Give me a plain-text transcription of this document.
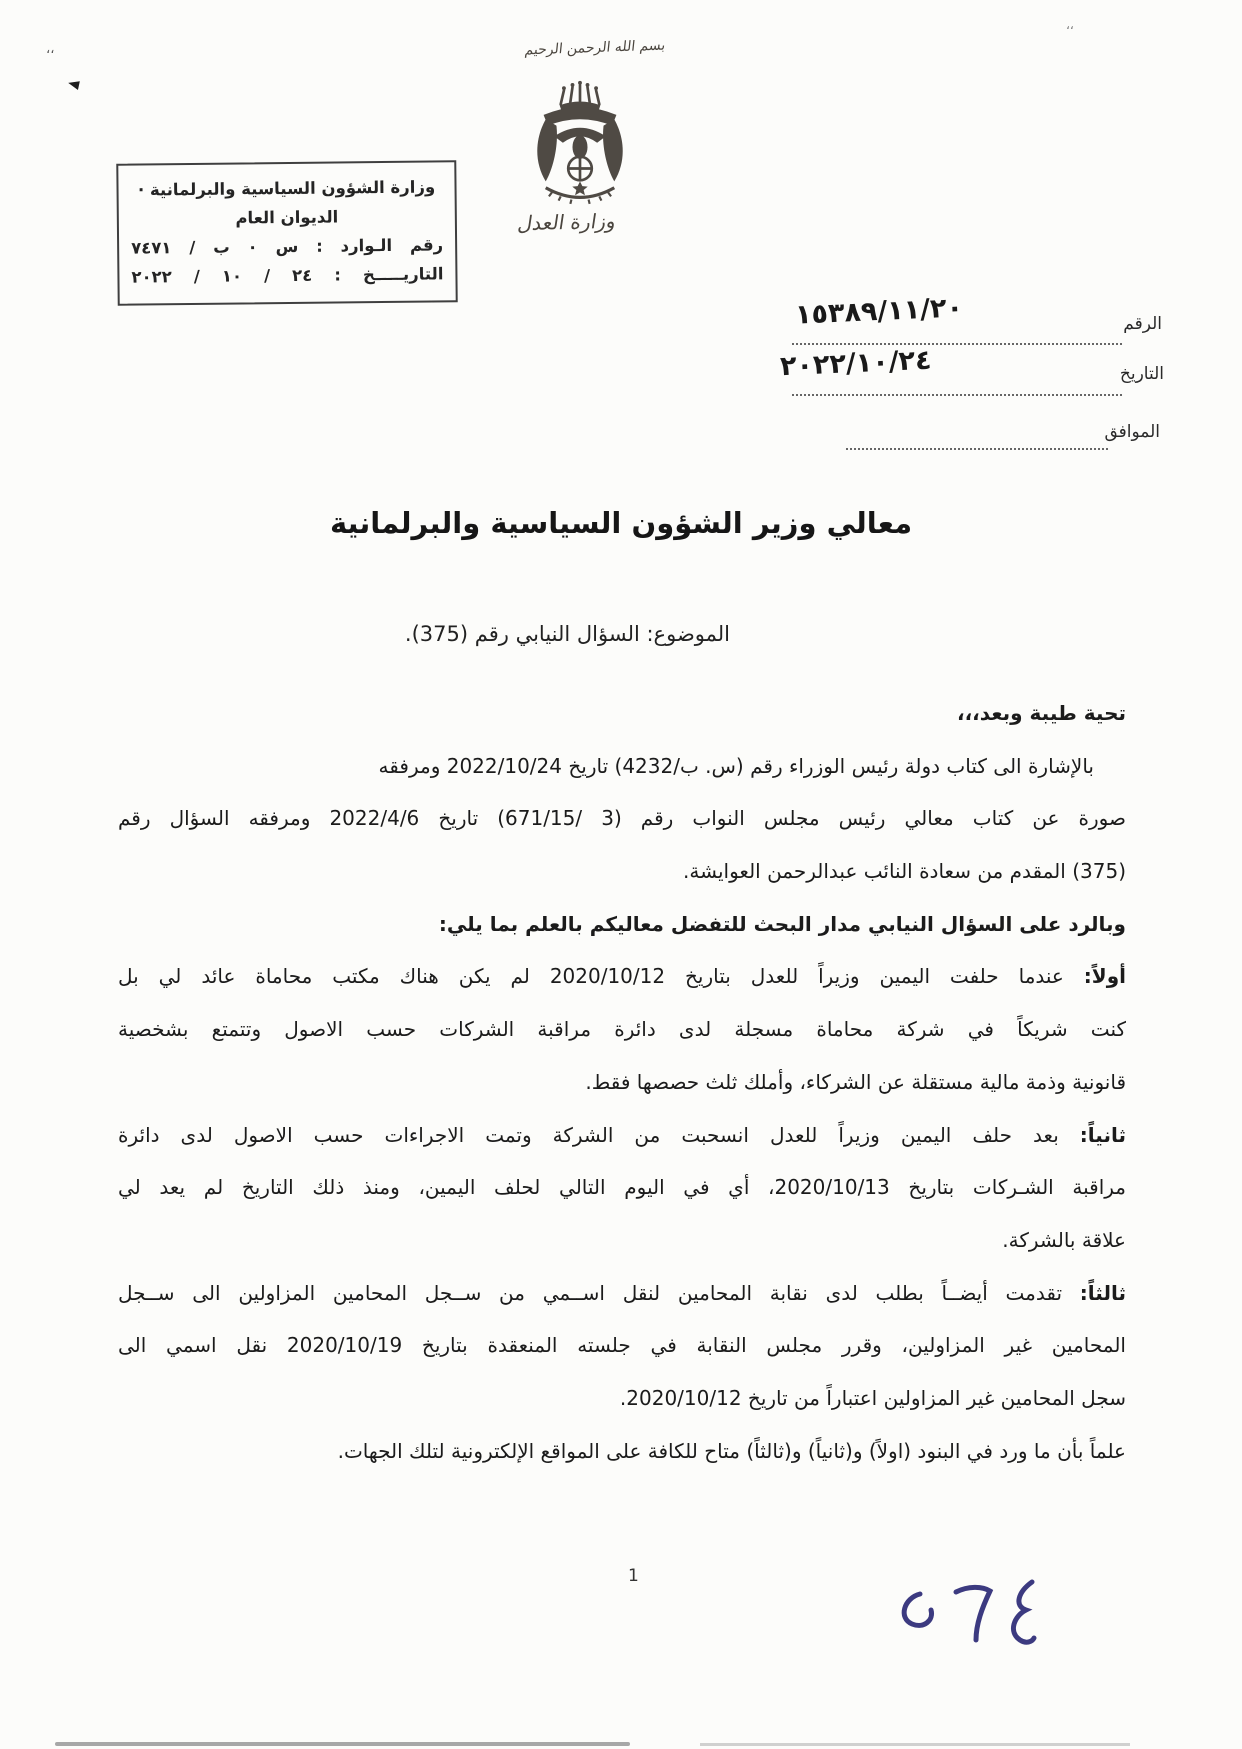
،،
،،
بسم الله الرحمن الرحيم
وزارة العدل
وزارة الشؤون السياسية والبرلمانية ·
الديوان العام
رقم الـوارد : س ٠ ب / ٧٤٧١
التاريـــــخ : ٢٤ / ١٠ / ٢٠٢٢
الرقم
١٥٣٨٩/١١/٢٠
التاريخ
٢٠٢٢/١٠/٢٤
الموافق
معالي وزير الشؤون السياسية والبرلمانية
الموضوع: السؤال النيابي رقم (375).
تحية طيبة وبعد،،،
بالإشارة الى كتاب دولة رئيس الوزراء رقم (س. ب/4232) تاريخ 2022/10/24 ومرفقه
صورة عن كتاب معالي رئيس مجلس النواب رقم (3 /671/15) تاريخ 2022/4/6 ومرفقه السؤال رقم
(375) المقدم من سعادة النائب عبدالرحمن العوايشة.
وبالرد على السؤال النيابي مدار البحث للتفضل معاليكم بالعلم بما يلي:
أولاً: عندما حلفت اليمين وزيراً للعدل بتاريخ 2020/10/12 لم يكن هناك مكتب محاماة عائد لي بل
كنت شريكاً في شركة محاماة مسجلة لدى دائرة مراقبة الشركات حسب الاصول وتتمتع بشخصية
قانونية وذمة مالية مستقلة عن الشركاء، وأملك ثلث حصصها فقط.
ثانياً: بعد حلف اليمين وزيراً للعدل انسحبت من الشركة وتمت الاجراءات حسب الاصول لدى دائرة
مراقبة الشـركات بتاريخ 2020/10/13، أي في اليوم التالي لحلف اليمين، ومنذ ذلك التاريخ لم يعد لي
علاقة بالشركة.
ثالثاً: تقدمت أيضــاً بطلب لدى نقابة المحامين لنقل اســمي من ســجل المحامين المزاولين الى ســجل
المحامين غير المزاولين، وقرر مجلس النقابة في جلسته المنعقدة بتاريخ 2020/10/19 نقل اسمي الى
سجل المحامين غير المزاولين اعتباراً من تاريخ 2020/10/12.
علماً بأن ما ورد في البنود (اولاً) و(ثانياً) و(ثالثاً) متاح للكافة على المواقع الإلكترونية لتلك الجهات.
1
